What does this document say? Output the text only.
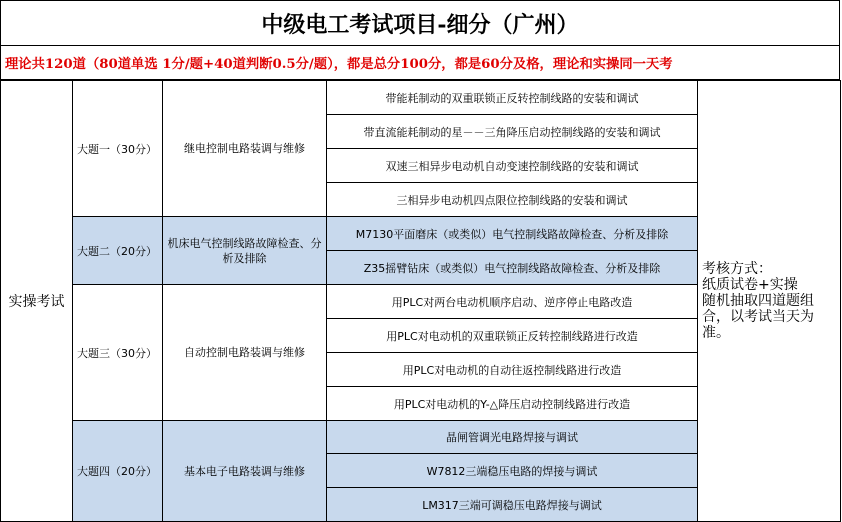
中级电工考试项目-细分（广州）
理论共120道（80道单选 1分/题+40道判断0.5分/题），都是总分100分，都是60分及格，理论和实操同一天考
实操考试	大题一（30分）	继电控制电路装调与维修	带能耗制动的双重联锁正反转控制线路的安装和调试	考核方式：
纸质试卷+实操
随机抽取四道题组合，以考试当天为准。

			带直流能耗制动的星－－三角降压启动控制线路的安装和调试	
			双速三相异步电动机自动变速控制线路的安装和调试	
			三相异步电动机四点限位控制线路的安装和调试	
	大题二（20分）	机床电气控制线路故障检查、分析及排除	M7130平面磨床（或类似）电气控制线路故障检查、分析及排除	
			Z35摇臂钻床（或类似）电气控制线路故障检查、分析及排除	
	大题三（30分）	自动控制电路装调与维修	用PLC对两台电动机顺序启动、逆序停止电路改造	
			用PLC对电动机的双重联锁正反转控制线路进行改造	
			用PLC对电动机的自动往返控制线路进行改造	
			用PLC对电动机的Y-△降压启动控制线路进行改造	
	大题四（20分）	基本电子电路装调与维修	晶闸管调光电路焊接与调试	
			W7812三端稳压电路的焊接与调试	
			LM317三端可调稳压电路焊接与调试	
